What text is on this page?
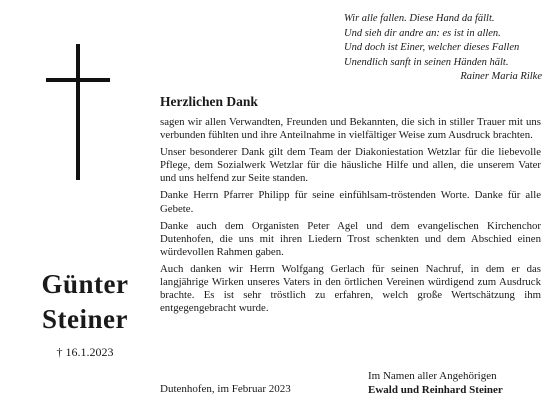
Wir alle fallen. Diese Hand da fällt.
Und sieh dir andre an: es ist in allen.
Und doch ist Einer, welcher dieses Fallen
Unendlich sanft in seinen Händen hält.
Rainer Maria Rilke
Günter
Steiner
† 16.1.2023
Herzlichen Dank

sagen wir allen Verwandten, Freunden und Bekannten, die sich in stiller Trauer mit uns verbunden fühlten und ihre Anteilnahme in vielfältiger Weise zum Ausdruck brachten.

Unser besonderer Dank gilt dem Team der Diakoniestation Wetzlar für die liebevolle Pflege, dem Sozialwerk Wetzlar für die häusliche Hilfe und allen, die unserem Vater und uns helfend zur Seite standen.

Danke Herrn Pfarrer Philipp für seine einfühlsam-tröstenden Worte. Danke für alle Gebete.

Danke auch dem Organisten Peter Agel und dem evangelischen Kirchenchor Dutenhofen, die uns mit ihren Liedern Trost schenkten und dem Abschied einen würdevollen Rahmen gaben.

Auch danken wir Herrn Wolfgang Gerlach für seinen Nachruf, in dem er das langjährige Wirken unseres Vaters in den örtlichen Vereinen würdigend zum Ausdruck brachte. Es ist sehr tröstlich zu erfahren, welch große Wertschätzung ihm entgegengebracht wurde.

Dutenhofen, im Februar 2023
Im Namen aller Angehörigen
Ewald und Reinhard Steiner
